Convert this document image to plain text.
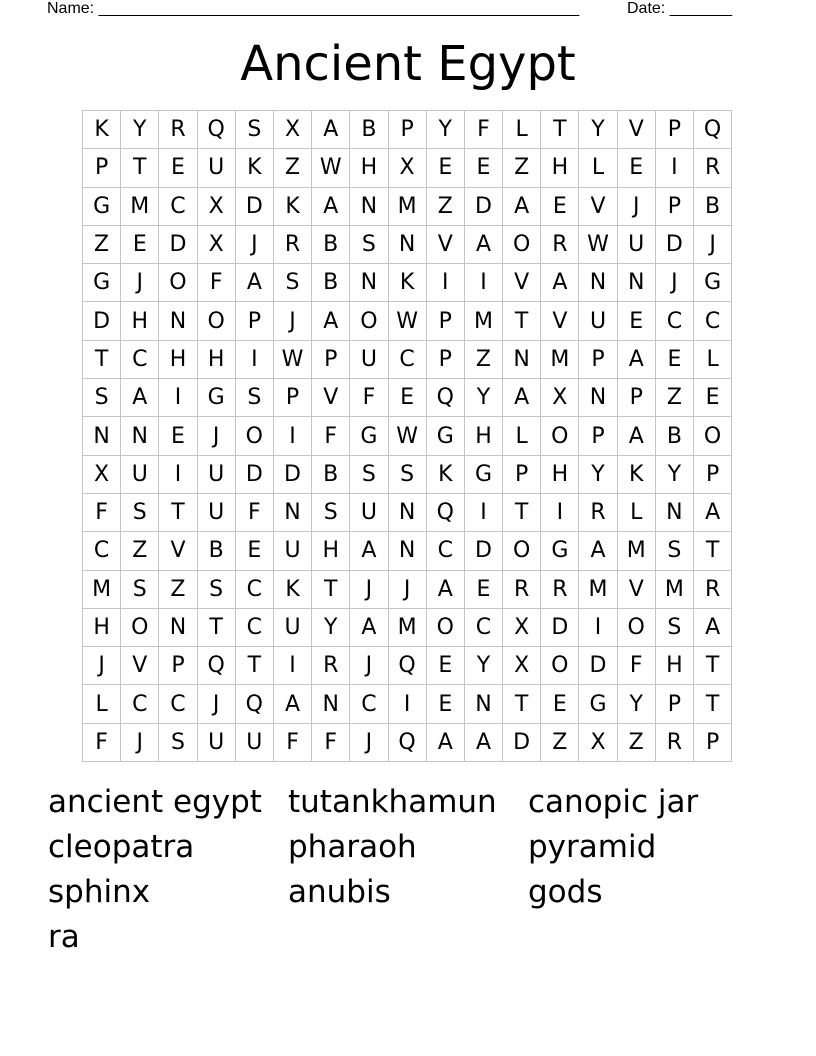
Name: ______________________________________________________	Date: _______
Ancient Egypt
K	Y	R Q	S	X	A	B	P	Y	F	L	T	Y	V	P	Q
P	T	E	U	K	Z W H	X	E	E	Z	H	L	E	I	R
G M C	X	D	K	A	N M Z	D	A	E	V	J	P	B
Z	E	D	X	J	R	B	S	N	V	A O R W U D	J
G	J	O	F	A	S	B	N	K	I	I	V	A	N N	J	G
D H N O	P	J	A O W P	M T	V	U	E	C	C
T	C	H H	I	W P	U	C	P	Z	N M	P	A	E	L
S	A	I	G	S	P	V	F	E	Q	Y	A	X	N	P	Z	E
N N	E	J	O	I	F	G W G H	L	O	P	A	B O
X	U	I	U D D	B	S	S	K	G	P	H	Y	K	Y	P
F	S	T	U	F	N	S	U N Q	I	T	I	R	L	N	A
C	Z	V	B	E	U H	A	N	C	D O G	A M S	T
M S	Z	S	C	K	T	J	J	A	E	R	R M V M R
H O N	T	C	U	Y	A M O C	X	D	I	O	S	A
J	V	P	Q	T	I	R	J	Q	E	Y	X O D	F	H	T
L	C	C	J	Q	A	N	C	I	E	N	T	E	G	Y	P	T
F	J	S	U	U	F	F	J	Q	A	A	D	Z	X	Z	R	P
ancient egypt tutankhamun	canopic jar
cleopatra	pharaoh	pyramid
sphinx	anubis	gods
ra
